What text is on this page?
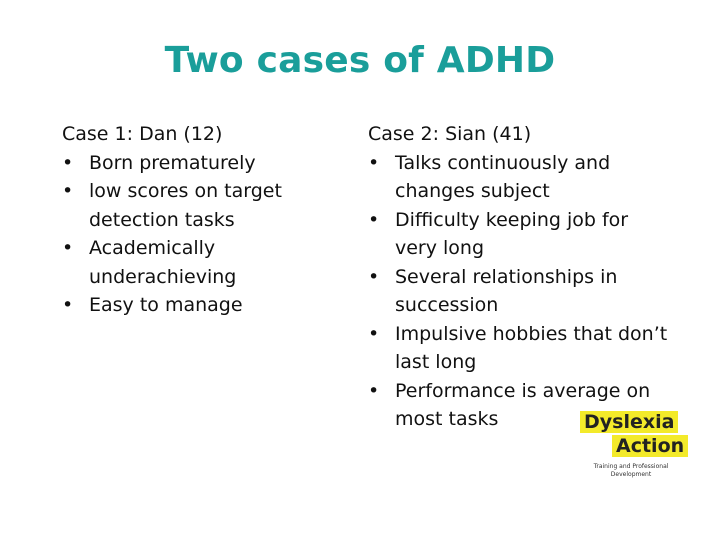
Two cases of ADHD
Case 1: Dan (12)
• Born prematurely
• low scores on target detection tasks
• Academically underachieving
• Easy to manage
Case 2: Sian (41)
• Talks continuously and changes subject
• Difficulty keeping job for very long
• Several relationships in succession
• Impulsive hobbies that don’t last long
• Performance is average on most tasks	Dyslexia
Action
Training and Professional Development
